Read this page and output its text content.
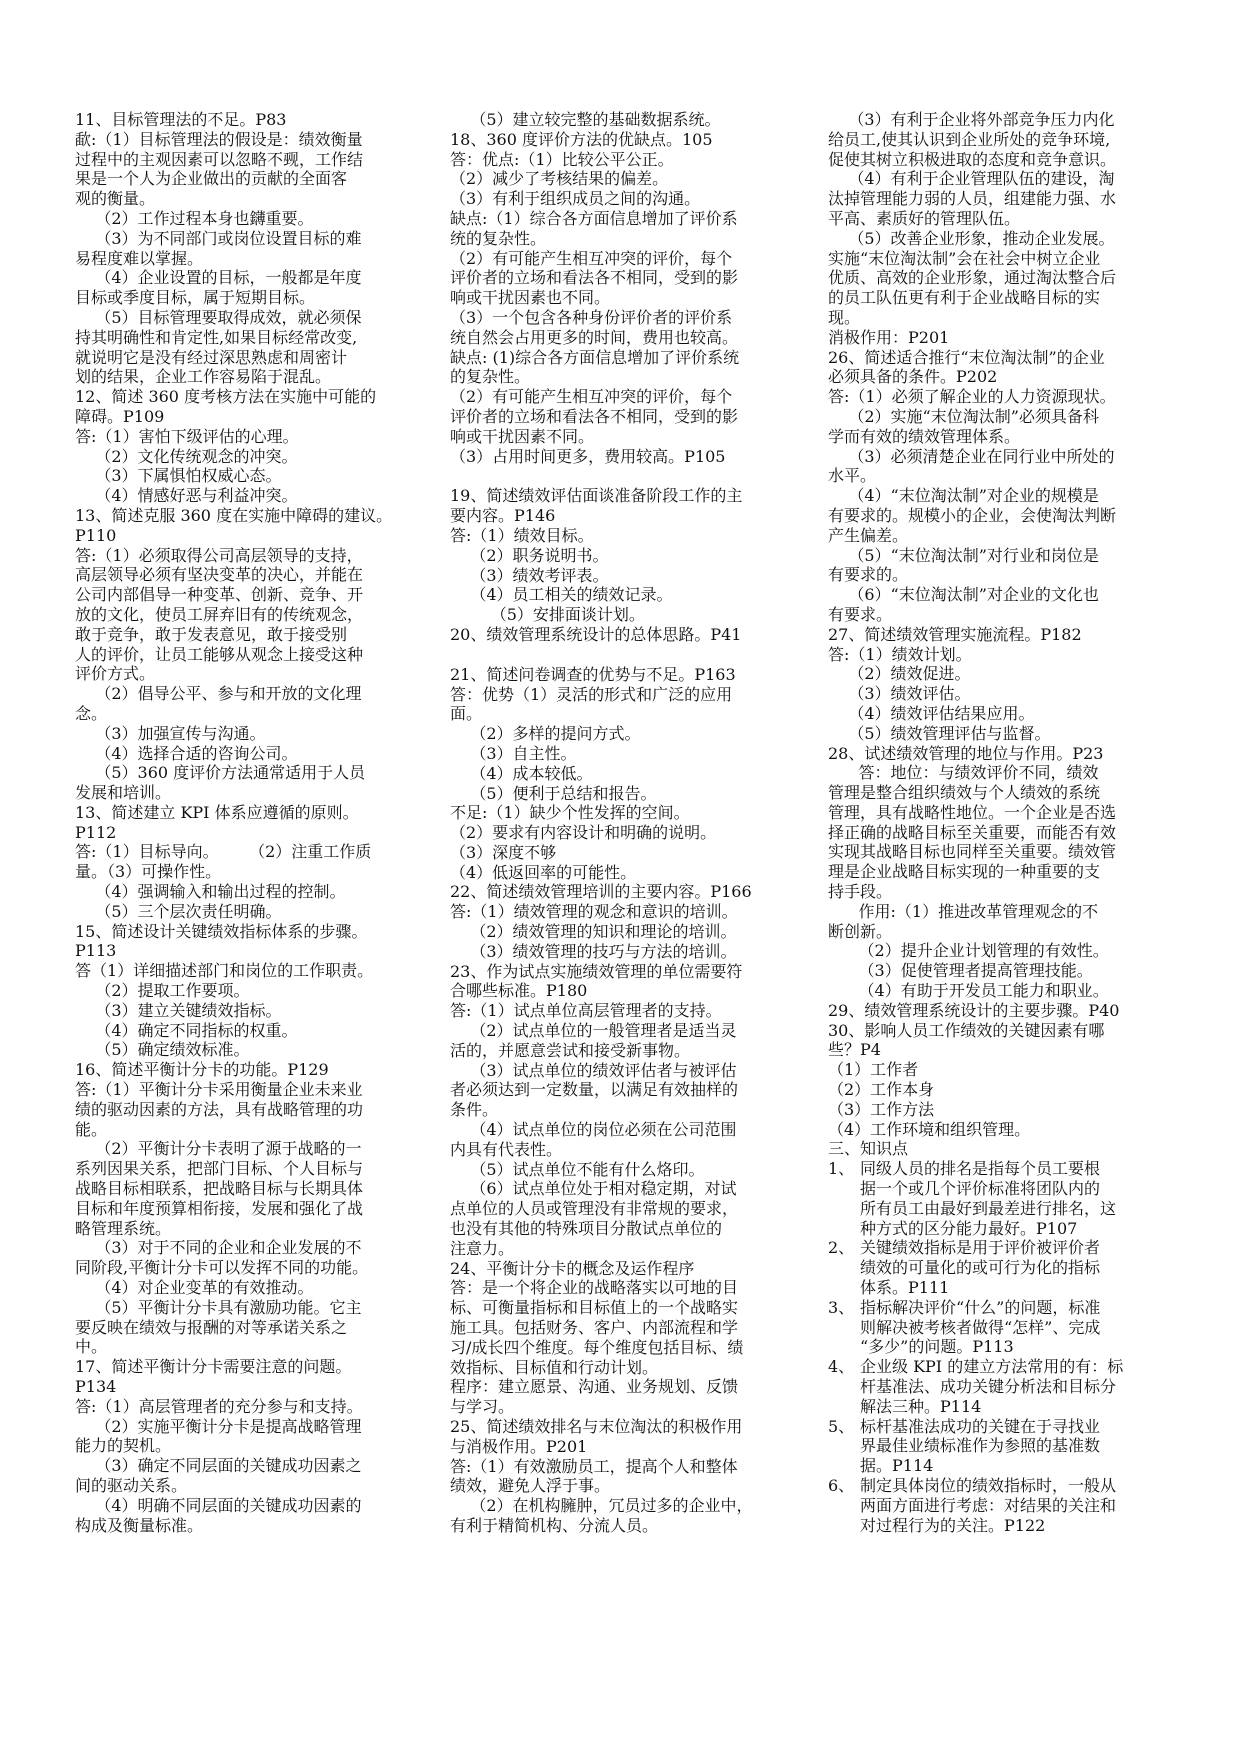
11、目标管理法的不足。P83
歃:（1）目标管理法的假设是：绩效衡量
过程中的主观因素可以忽略不觋，工作结
果是一个人为企业做出的贡献的全面客
观的衡量。
（2）工作过程本身也鑮重要。
（3）为不同部门或岗位设置目标的难
易程度难以掌握。
（4）企业设置的目标，一般都是年度
目标或季度目标，属于短期目标。
（5）目标管理要取得成效，就必须保
持其明确性和肯定性,如果目标经常改变,
就说明它是没有经过深思熟虑和周密计
划的结果，企业工作容易陷于混乱。
12、简述 360 度考核方法在实施中可能的
障碍。P109
答:（1）害怕下级评估的心理。
（2）文化传统观念的冲突。
（3）下属惧怕权威心态。
（4）情感好恶与利益冲突。
13、简述克服 360 度在实施中障碍的建议。
P110
答:（1）必须取得公司高层领导的支持，
高层领导必须有坚决变革的决心，并能在
公司内部倡导一种变革、创新、竞争、开
放的文化，使员工屏弃旧有的传统观念，
敢于竞争，敢于发表意见，敢于接受别
人的评价，让员工能够从观念上接受这种
评价方式。
（2）倡导公平、参与和开放的文化理
念。
（3）加强宣传与沟通。
（4）选择合适的咨询公司。
（5）360 度评价方法通常适用于人员
发展和培训。
13、简述建立 KPI 体系应遵循的原则。
P112
答:（1）目标导向。      （2）注重工作质
量。（3）可操作性。
（4）强调输入和输出过程的控制。
（5）三个层次责任明确。
15、简述设计关键绩效指标体系的步骤。
P113
答（1）详细描述部门和岗位的工作职责。
（2）提取工作要项。
（3）建立关键绩效指标。
（4）确定不同指标的权重。
（5）确定绩效标准。
16、简述平衡计分卡的功能。P129
答:（1）平衡计分卡采用衡量企业未来业
绩的驱动因素的方法，具有战略管理的功
能。
（2）平衡计分卡表明了源于战略的一
系列因果关系，把部门目标、个人目标与
战略目标相联系，把战略目标与长期具体
目标和年度预算相衔接，发展和强化了战
略管理系统。
（3）对于不同的企业和企业发展的不
同阶段,平衡计分卡可以发挥不同的功能。
（4）对企业变革的有效推动。
（5）平衡计分卡具有激励功能。它主
要反映在绩效与报酬的对等承诺关系之
中。
17、简述平衡计分卡需要注意的问题。
P134
答:（1）高层管理者的充分参与和支持。
（2）实施平衡计分卡是提高战略管理
能力的契机。
（3）确定不同层面的关键成功因素之
间的驱动关系。
（4）明确不同层面的关键成功因素的
构成及衡量标准。
（5）建立较完整的基础数据系统。
18、360 度评价方法的优缺点。105
答：优点:（1）比较公平公正。
（2）减少了考核结果的偏差。
（3）有利于组织成员之间的沟通。
缺点:（1）综合各方面信息增加了评价系
统的复杂性。
（2）有可能产生相互冲突的评价，每个
评价者的立场和看法各不相同，受到的影
响或干扰因素也不同。
（3）一个包含各种身份评价者的评价系
统自然会占用更多的时间，费用也较高。
缺点: (1)综合各方面信息增加了评价系统
的复杂性。
（2）有可能产生相互冲突的评价，每个
评价者的立场和看法各不相同，受到的影
响或干扰因素不同。
（3）占用时间更多，费用较高。P105
19、简述绩效评估面谈准备阶段工作的主
要内容。P146
答:（1）绩效目标。
（2）职务说明书。
（3）绩效考评表。
（4）员工相关的绩效记录。
（5）安排面谈计划。
20、绩效管理系统设计的总体思路。P41
21、简述问卷调查的优势与不足。P163
答：优势（1）灵活的形式和广泛的应用
面。
（2）多样的提问方式。
（3）自主性。
（4）成本较低。
（5）便利于总结和报告。
不足:（1）缺少个性发挥的空间。
（2）要求有内容设计和明确的说明。
（3）深度不够
（4）低返回率的可能性。
22、简述绩效管理培训的主要内容。P166
答:（1）绩效管理的观念和意识的培训。
（2）绩效管理的知识和理论的培训。
（3）绩效管理的技巧与方法的培训。
23、作为试点实施绩效管理的单位需要符
合哪些标准。P180
答:（1）试点单位高层管理者的支持。
（2）试点单位的一般管理者是适当灵
活的，并愿意尝试和接受新事物。
（3）试点单位的绩效评估者与被评估
者必须达到一定数量，以满足有效抽样的
条件。
（4）试点单位的岗位必须在公司范围
内具有代表性。
（5）试点单位不能有什么烙印。
（6）试点单位处于相对稳定期，对试
点单位的人员或管理没有非常规的要求，
也没有其他的特殊项目分散试点单位的
注意力。
24、平衡计分卡的概念及运作程序
答：是一个将企业的战略落实以可地的目
标、可衡量指标和目标值上的一个战略实
施工具。包括财务、客户、内部流程和学
习/成长四个维度。每个维度包括目标、绩
效指标、目标值和行动计划。
程序：建立愿景、沟通、业务规划、反馈
与学习。
25、简述绩效排名与末位淘汰的积极作用
与消极作用。P201
答:（1）有效激励员工，提高个人和整体
绩效，避免人浮于事。
（2）在机构臃肿，冗员过多的企业中，
有利于精简机构、分流人员。
（3）有利于企业将外部竞争压力内化
给员工,使其认识到企业所处的竞争环境,
促使其树立积极进取的态度和竞争意识。
（4）有利于企业管理队伍的建设，淘
汰掉管理能力弱的人员，组建能力强、水
平高、素质好的管理队伍。
（5）改善企业形象，推动企业发展。
实施“末位淘汰制”会在社会中树立企业
优质、高效的企业形象，通过淘汰整合后
的员工队伍更有利于企业战略目标的实
现。
消极作用：P201
26、简述适合推行“末位淘汰制”的企业
必须具备的条件。P202
答:（1）必须了解企业的人力资源现状。
（2）实施“末位淘汰制”必须具备科
学而有效的绩效管理体系。
（3）必须清楚企业在同行业中所处的
水平。
（4）“末位淘汰制”对企业的规模是
有要求的。规模小的企业，会使淘汰判断
产生偏差。
（5）“末位淘汰制”对行业和岗位是
有要求的。
（6）“末位淘汰制”对企业的文化也
有要求。
27、简述绩效管理实施流程。P182
答:（1）绩效计划。
（2）绩效促进。
（3）绩效评估。
（4）绩效评估结果应用。
（5）绩效管理评估与监督。
28、试述绩效管理的地位与作用。P23
答：地位：与绩效评价不同，绩效
管理是整合组织绩效与个人绩效的系统
管理，具有战略性地位。一个企业是否选
择正确的战略目标至关重要，而能否有效
实现其战略目标也同样至关重要。绩效管
理是企业战略目标实现的一种重要的支
持手段。
作用:（1）推进改革管理观念的不
断创新。
（2）提升企业计划管理的有效性。
（3）促使管理者提高管理技能。
（4）有助于开发员工能力和职业。
29、绩效管理系统设计的主要步骤。P40
30、影响人员工作绩效的关键因素有哪
些？P4
（1）工作者
（2）工作本身
（3）工作方法
（4）工作环境和组织管理。
三、知识点
1、 同级人员的排名是指每个员工要根
据一个或几个评价标准将团队内的
所有员工由最好到最差进行排名，这
种方式的区分能力最好。P107
2、 关键绩效指标是用于评价被评价者
绩效的可量化的或可行为化的指标
体系。P111
3、 指标解决评价“什么”的问题，标准
则解决被考核者做得“怎样”、完成
“多少”的问题。P113
4、 企业级 KPI 的建立方法常用的有：标
杆基准法、成功关键分析法和目标分
解法三种。P114
5、 标杆基准法成功的关键在于寻找业
界最佳业绩标准作为参照的基准数
据。P114
6、 制定具体岗位的绩效指标时，一般从
两面方面进行考虑：对结果的关注和
对过程行为的关注。P122
